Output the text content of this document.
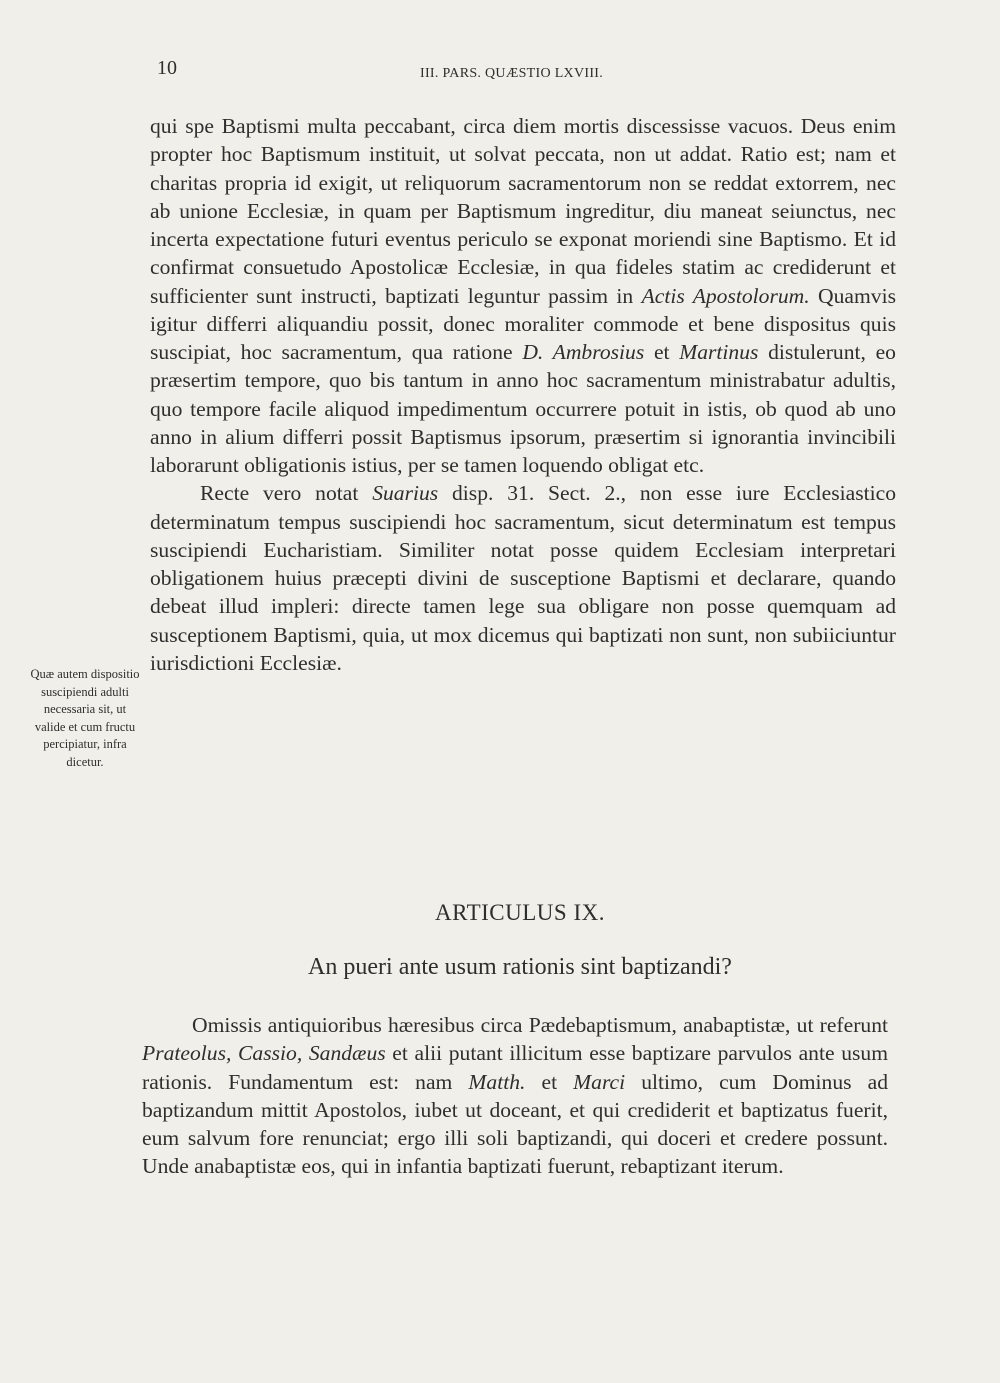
10	III. PARS. QUÆSTIO LXVIII.

qui spe Baptismi multa peccabant, circa diem mortis discessisse vacuos. Deus enim propter hoc Baptismum instituit, ut solvat peccata, non ut addat. Ratio est; nam et charitas propria id exigit, ut reliquorum sacramentorum non se reddat extorrem, nec ab unione Ecclesiæ, in quam per Baptismum ingreditur, diu maneat seiunctus, nec incerta expectatione futuri eventus periculo se exponat moriendi sine Baptismo. Et id confirmat consuetudo Apostolicæ Ecclesiæ, in qua fideles statim ac crediderunt et sufficienter sunt instructi, baptizati leguntur passim in Actis Apostolorum. Quamvis igitur differri aliquandiu possit, donec moraliter commode et bene dispositus quis suscipiat, hoc sacramentum, qua ratione D. Ambrosius et Martinus distulerunt, eo præsertim tempore, quo bis tantum in anno hoc sacramentum ministrabatur adultis, quo tempore facile aliquod impedimentum occurrere potuit in istis, ob quod ab uno anno in alium differri possit Baptismus ipsorum, præsertim si ignorantia invincibili laborarunt obligationis istius, per se tamen loquendo obligat etc.

Recte vero notat Suarius disp. 31. Sect. 2., non esse iure Ecclesiastico determinatum tempus suscipiendi hoc sacramentum, sicut determinatum est tempus suscipiendi Eucharistiam. Similiter notat posse quidem Ecclesiam interpretari obligationem huius præcepti divini de susceptione Baptismi et declarare, quando debeat illud impleri: directe tamen lege sua obligare non posse quemquam ad susceptionem Baptismi, quia, ut mox dicemus qui baptizati non sunt, non subiiciuntur iurisdictioni Ecclesiæ.

Quæ autem dispositio suscipiendi adulti necessaria sit, ut valide et cum fructu percipiatur, infra dicetur.

ARTICULUS IX.
An pueri ante usum rationis sint baptizandi?

Omissis antiquioribus hæresibus circa Pædebaptismum, anabaptistæ, ut referunt Prateolus, Cassio, Sandæus et alii putant illicitum esse baptizare parvulos ante usum rationis. Fundamentum est: nam Matth. et Marci ultimo, cum Dominus ad baptizandum mittit Apostolos, iubet ut doceant, et qui crediderit et baptizatus fuerit, eum salvum fore renunciat; ergo illi soli baptizandi, qui doceri et credere possunt. Unde anabaptistæ eos, qui in infantia baptizati fuerunt, rebaptizant iterum.
